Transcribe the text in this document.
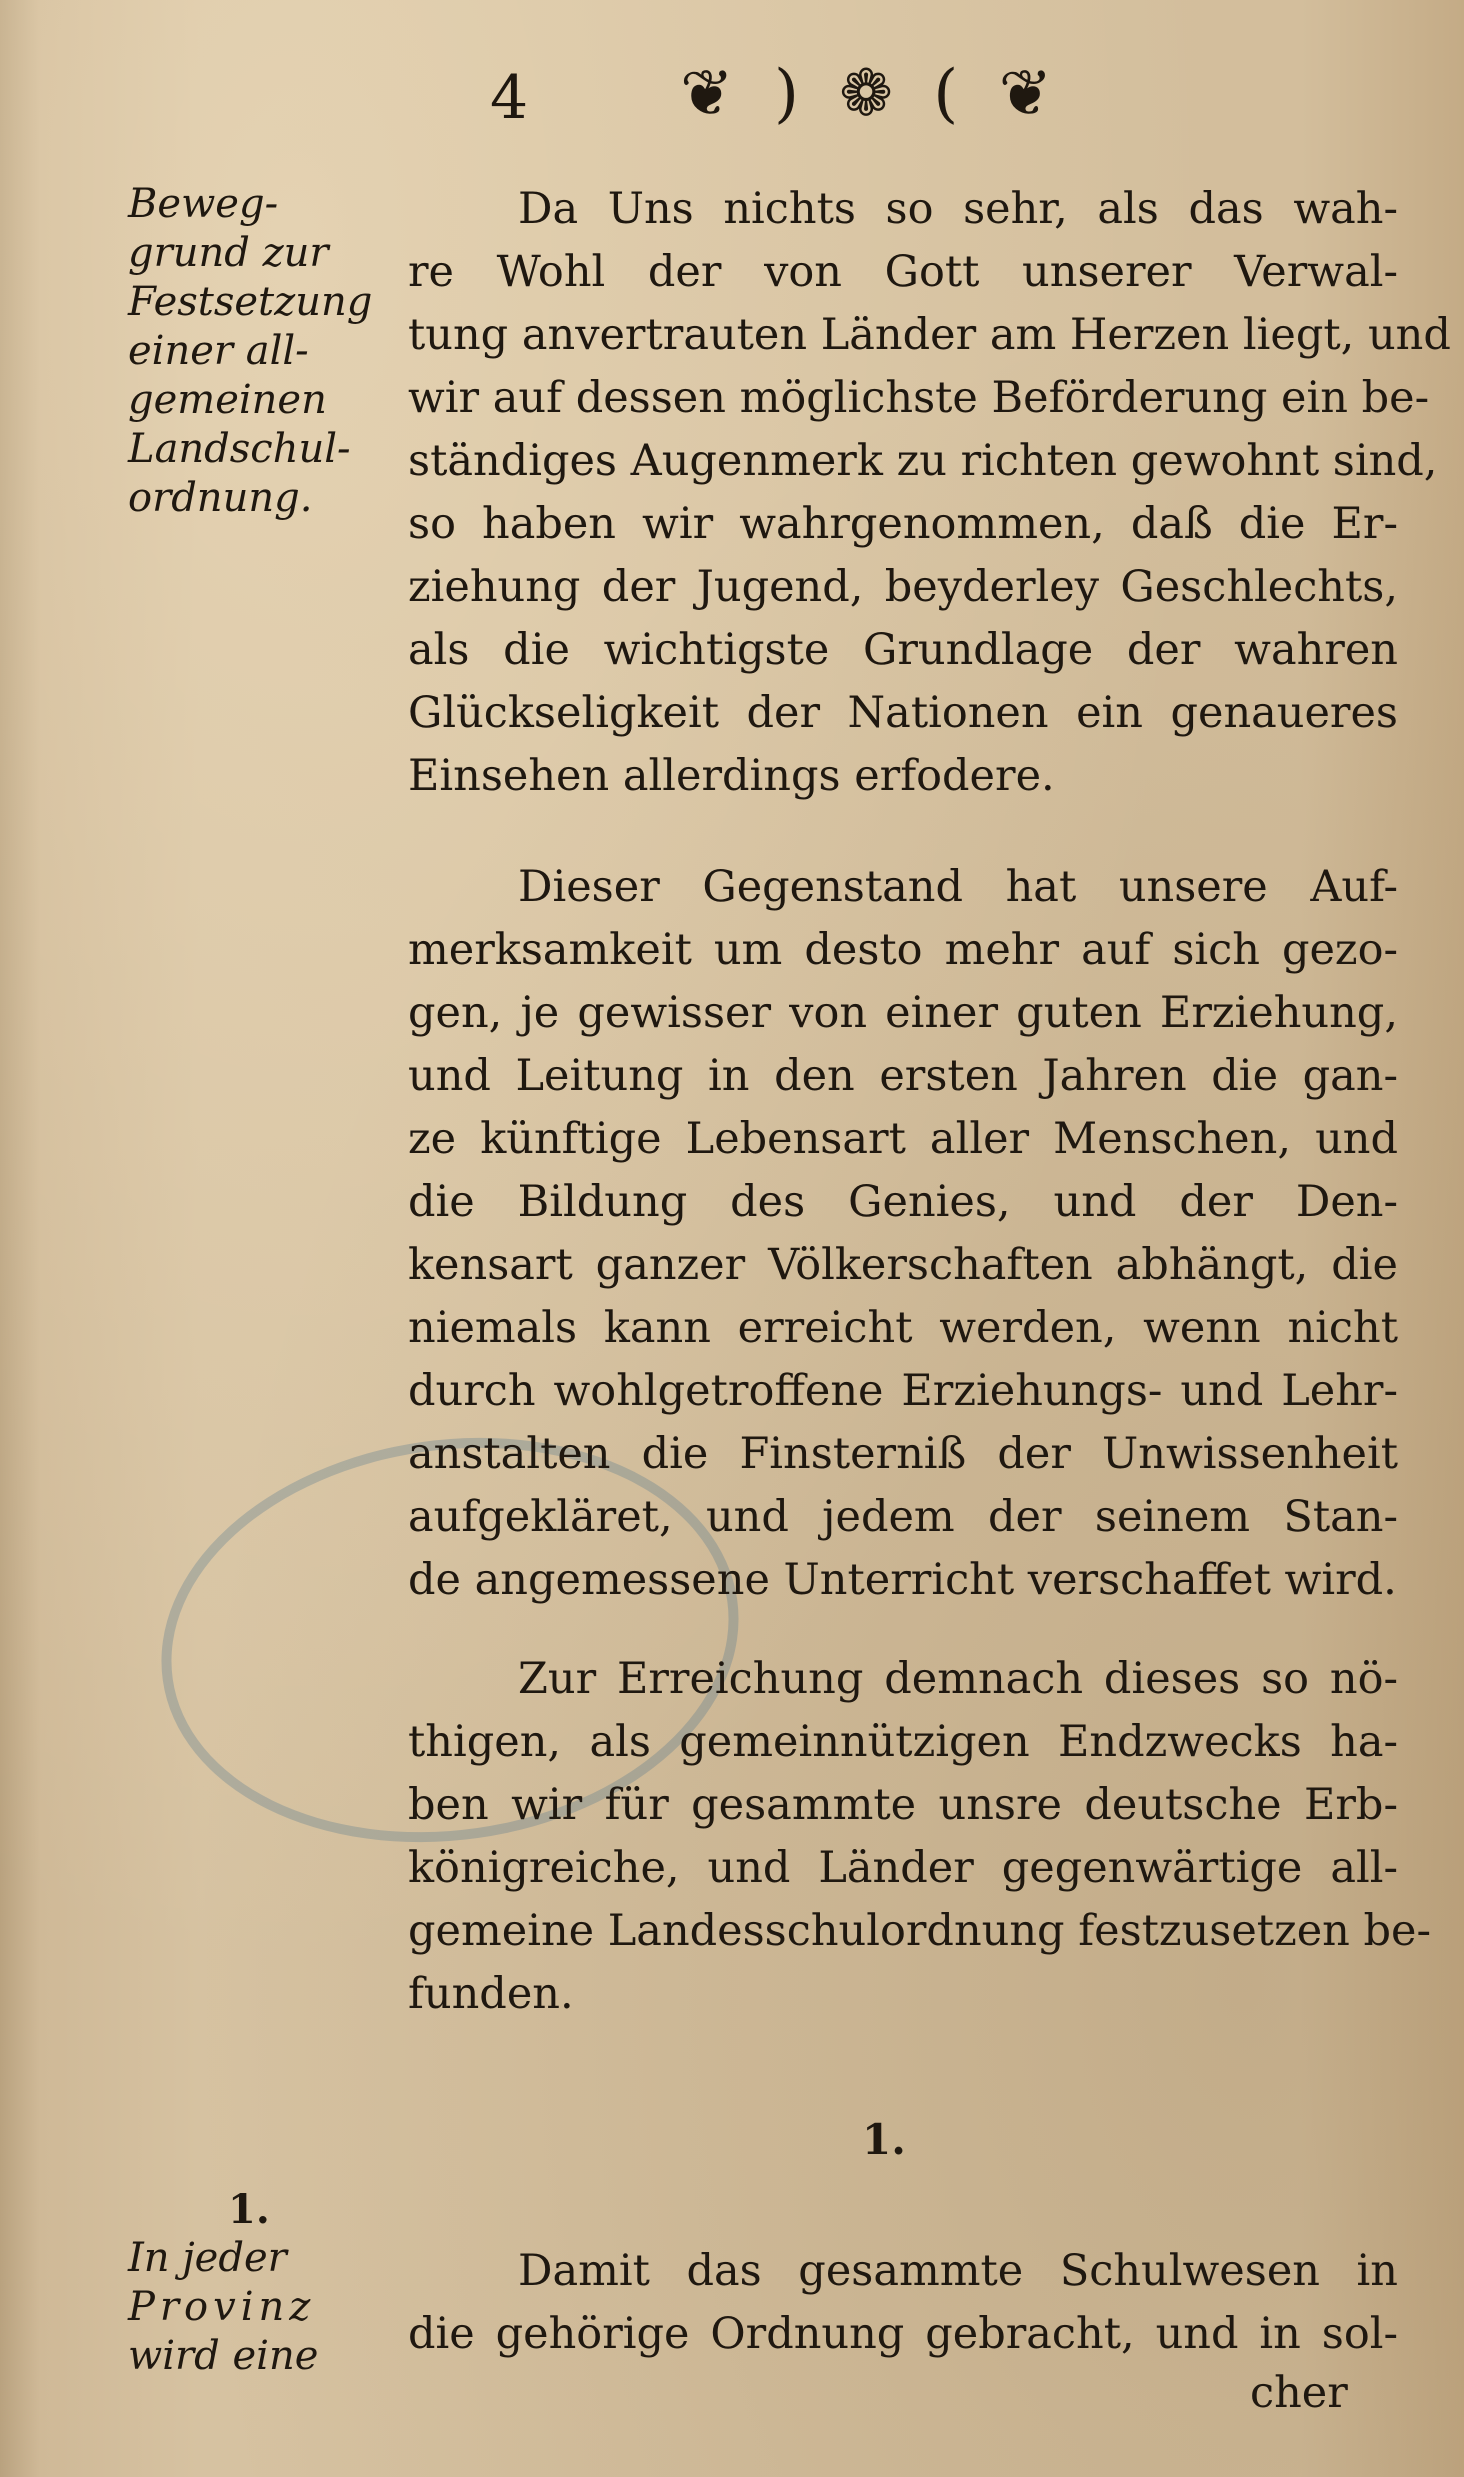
4 ❦ ) ❁ ( ❦
Beweg-
grund zur
Festsetzung
einer all-
gemeinen
Landschul-
ordnung.
Da Uns nichts so sehr, als das wah-
re Wohl der von Gott unserer Verwal-
tung anvertrauten Länder am Herzen liegt, und
wir auf dessen möglichste Beförderung ein be-
ständiges Augenmerk zu richten gewohnt sind,
so haben wir wahrgenommen, daß die Er-
ziehung der Jugend, beyderley Geschlechts,
als die wichtigste Grundlage der wahren
Glückseligkeit der Nationen ein genaueres
Einsehen allerdings erfodere.
Dieser Gegenstand hat unsere Auf-
merksamkeit um desto mehr auf sich gezo-
gen, je gewisser von einer guten Erziehung,
und Leitung in den ersten Jahren die gan-
ze künftige Lebensart aller Menschen, und
die Bildung des Genies, und der Den-
kensart ganzer Völkerschaften abhängt, die
niemals kann erreicht werden, wenn nicht
durch wohlgetroffene Erziehungs- und Lehr-
anstalten die Finsterniß der Unwissenheit
aufgekläret, und jedem der seinem Stan-
de angemessene Unterricht verschaffet wird.
Zur Erreichung demnach dieses so nö-
thigen, als gemeinnützigen Endzwecks ha-
ben wir für gesammte unsre deutsche Erb-
königreiche, und Länder gegenwärtige all-
gemeine Landesschulordnung festzusetzen be-
funden.
1.
1.
In jeder
Provinz
wird eine
Damit das gesammte Schulwesen in
die gehörige Ordnung gebracht, und in sol-
cher
